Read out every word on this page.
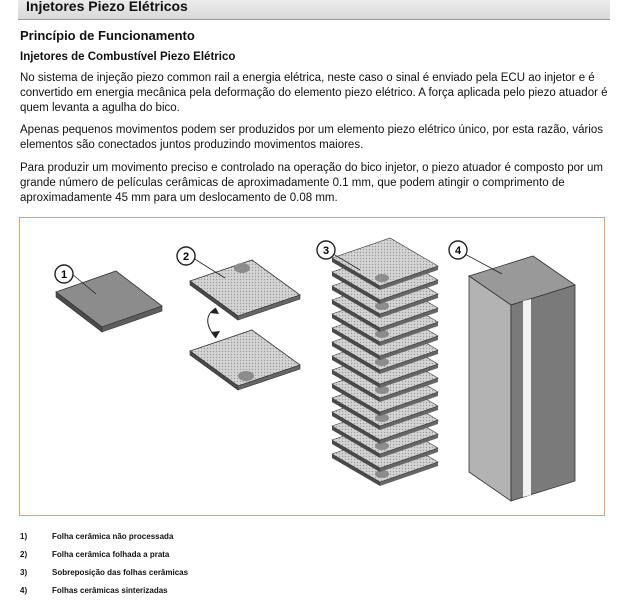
Injetores Piezo Elétricos
Princípio de Funcionamento
Injetores de Combustível Piezo Elétrico

No sistema de injeção piezo common rail a energia elétrica, neste caso o sinal é enviado pela ECU ao injetor e é convertido em energia mecânica pela deformação do elemento piezo elétrico. A força aplicada pelo piezo atuador é quem levanta a agulha do bico.

Apenas pequenos movimentos podem ser produzidos por um elemento piezo elétrico único, por esta razão, vários elementos são conectados juntos produzindo movimentos maiores.

Para produzir um movimento preciso e controlado na operação do bico injetor, o piezo atuador é composto por um grande número de películas cerâmicas de aproximadamente 0.1 mm, que podem atingir o comprimento de aproximadamente 45 mm para um deslocamento de 0.08 mm.

1
2	3	4
1)	Folha cerâmica não processada
2)	Folha cerâmica folhada a prata
3)	Sobreposição das folhas cerâmicas
4)	Folhas cerâmicas sinterizadas
